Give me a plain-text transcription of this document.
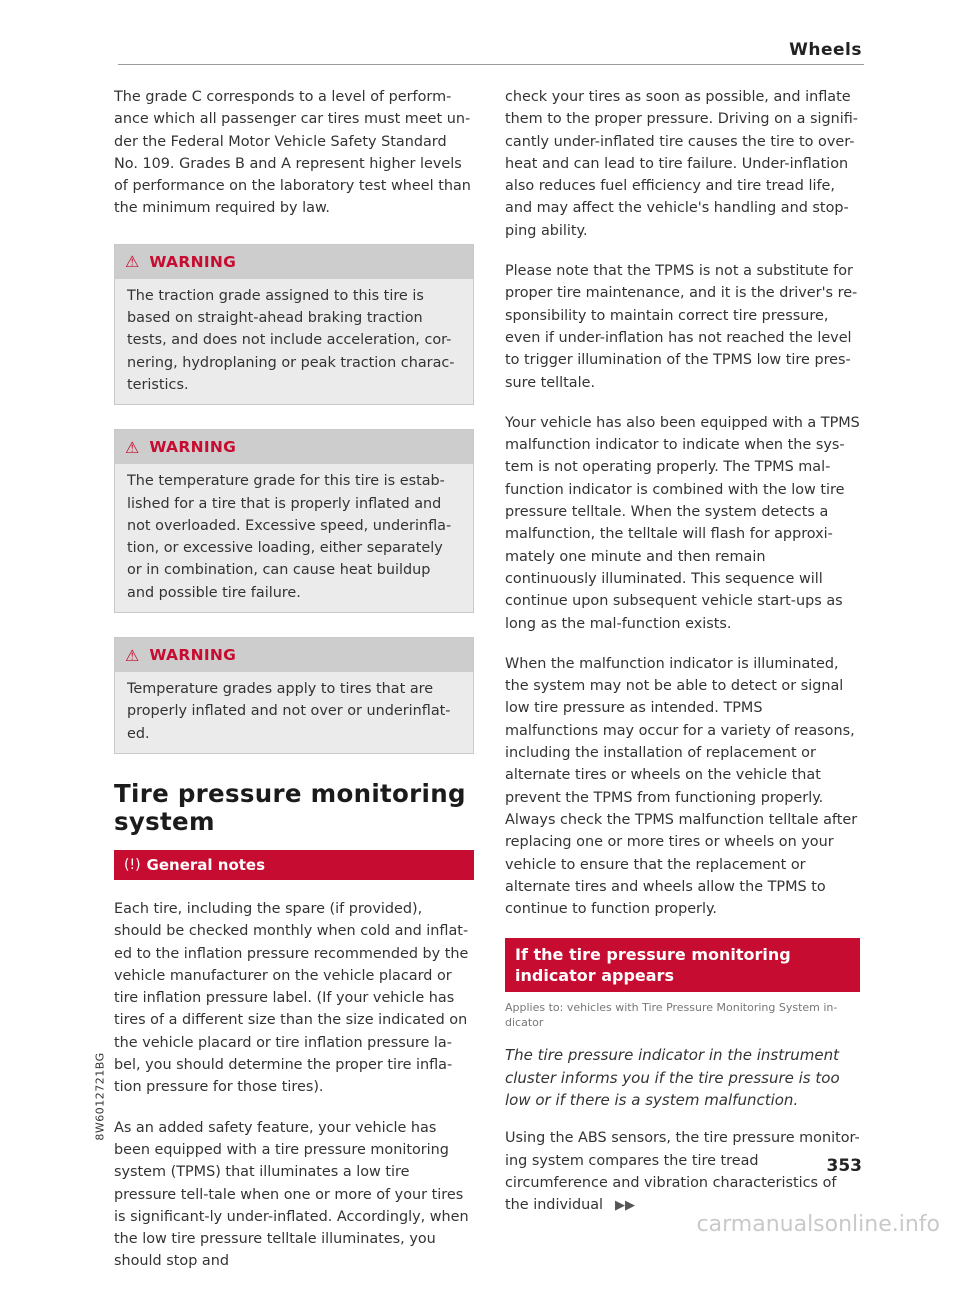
Wheels

The grade C corresponds to a level of perform-ance which all passenger car tires must meet un-der the Federal Motor Vehicle Safety Standard No. 109. Grades B and A represent higher levels of performance on the laboratory test wheel than the minimum required by law.

⚠ WARNING
The traction grade assigned to this tire is based on straight-ahead braking traction tests, and does not include acceleration, cor-nering, hydroplaning or peak traction charac-teristics.
⚠ WARNING
The temperature grade for this tire is estab-lished for a tire that is properly inflated and not overloaded. Excessive speed, underinfla-tion, or excessive loading, either separately or in combination, can cause heat buildup and possible tire failure.
⚠ WARNING
Temperature grades apply to tires that are properly inflated and not over or underinflat-ed.
Tire pressure monitoring system
(!) General notes

Each tire, including the spare (if provided), should be checked monthly when cold and inflat-ed to the inflation pressure recommended by the vehicle manufacturer on the vehicle placard or tire inflation pressure label. (If your vehicle has tires of a different size than the size indicated on the vehicle placard or tire inflation pressure la-bel, you should determine the proper tire infla-tion pressure for those tires).

As an added safety feature, your vehicle has been equipped with a tire pressure monitoring system (TPMS) that illuminates a low tire pressure tell-tale when one or more of your tires is significant-ly under-inflated. Accordingly, when the low tire pressure telltale illuminates, you should stop and

check your tires as soon as possible, and inflate them to the proper pressure. Driving on a signifi-cantly under-inflated tire causes the tire to over-heat and can lead to tire failure. Under-inflation also reduces fuel efficiency and tire tread life, and may affect the vehicle's handling and stop-ping ability.

Please note that the TPMS is not a substitute for proper tire maintenance, and it is the driver's re-sponsibility to maintain correct tire pressure, even if under-inflation has not reached the level to trigger illumination of the TPMS low tire pres-sure telltale.

Your vehicle has also been equipped with a TPMS malfunction indicator to indicate when the sys-tem is not operating properly. The TPMS mal-function indicator is combined with the low tire pressure telltale. When the system detects a malfunction, the telltale will flash for approxi-mately one minute and then remain continuously illuminated. This sequence will continue upon subsequent vehicle start-ups as long as the mal-function exists.

When the malfunction indicator is illuminated, the system may not be able to detect or signal low tire pressure as intended. TPMS malfunctions may occur for a variety of reasons, including the installation of replacement or alternate tires or wheels on the vehicle that prevent the TPMS from functioning properly. Always check the TPMS malfunction telltale after replacing one or more tires or wheels on your vehicle to ensure that the replacement or alternate tires and wheels allow the TPMS to continue to function properly.

If the tire pressure monitoring indicator appears
Applies to: vehicles with Tire Pressure Monitoring System in-dicator
The tire pressure indicator in the instrument cluster informs you if the tire pressure is too low or if there is a system malfunction.

Using the ABS sensors, the tire pressure monitor-ing system compares the tire tread circumference and vibration characteristics of the individual ▶▶

8W6012721BG
353
carmanualsonline.info
